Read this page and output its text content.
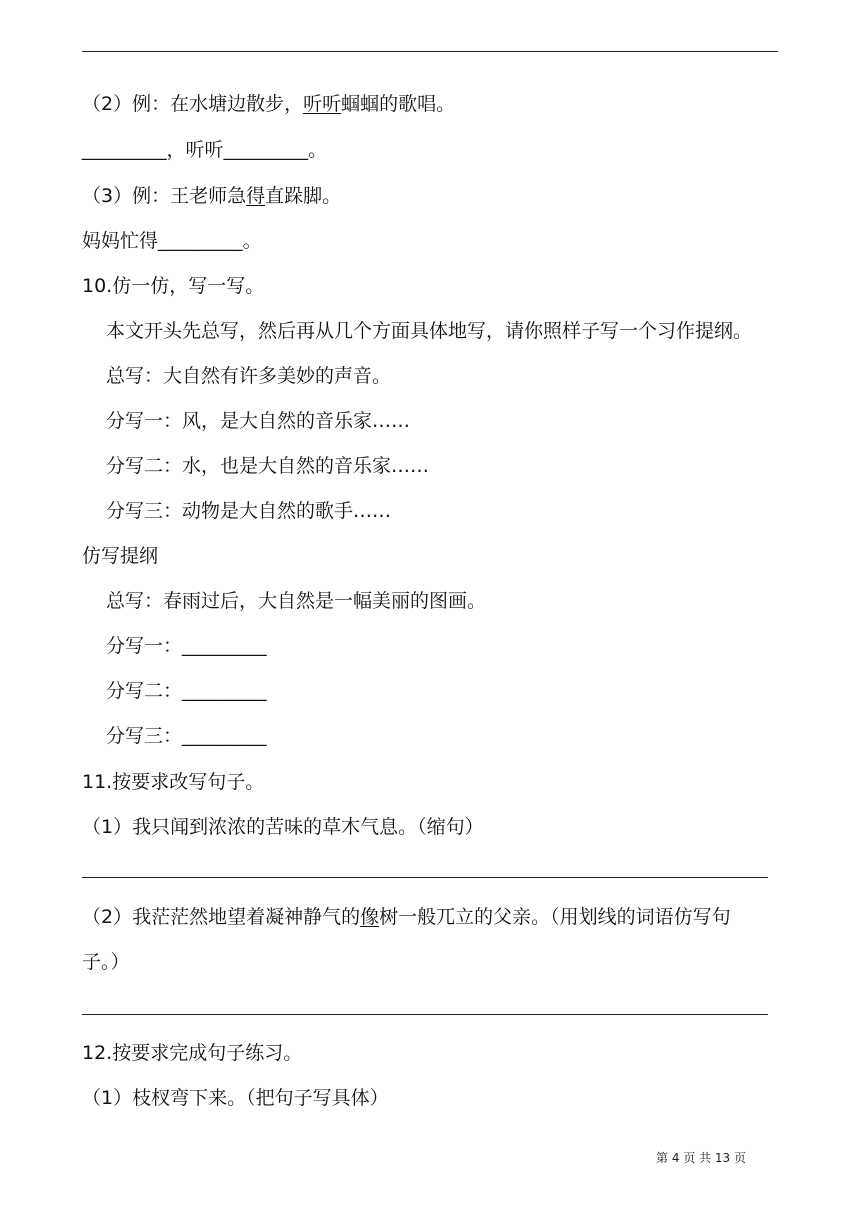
（2）例：在水塘边散步，听听蝈蝈的歌唱。
________，听听________。
（3）例：王老师急得直跺脚。
妈妈忙得________。
10.仿一仿，写一写。
本文开头先总写，然后再从几个方面具体地写，请你照样子写一个习作提纲。
总写：大自然有许多美妙的声音。
分写一：风，是大自然的音乐家……
分写二：水，也是大自然的音乐家……
分写三：动物是大自然的歌手……
仿写提纲
总写：春雨过后，大自然是一幅美丽的图画。
分写一：________
分写二：________
分写三：________
11.按要求改写句子。
（1）我只闻到浓浓的苦味的草木气息。（缩句）
（2）我茫茫然地望着凝神静气的像树一般兀立的父亲。（用划线的词语仿写句
子。）
12.按要求完成句子练习。
（1）枝杈弯下来。（把句子写具体）
第 4 页 共 13 页
